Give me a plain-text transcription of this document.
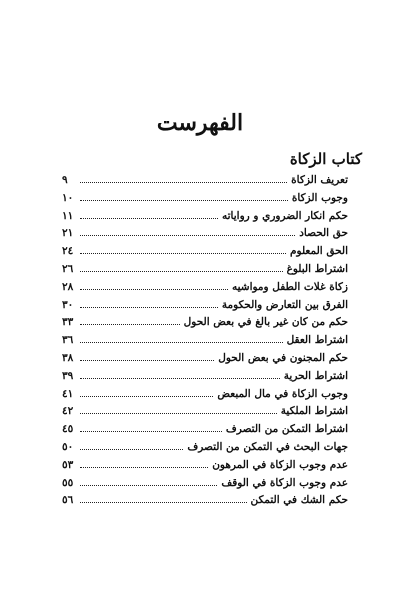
الفهرست
كتاب الزكاة
٩	تعريف الزكاة
١٠	وجوب الزكاة
١١	حكم انكار الضروري و رواياته
٢١	حق الحصاد
٢٤	الحق المعلوم
٢٦	اشتراط البلوغ
٢٨	زكاة غلات الطفل ومواشيه
٣٠	الفرق بين التعارض والحكومة
٣٣	حكم من كان غير بالغ في بعض الحول
٣٦	اشتراط العقل
٣٨	حكم المجنون في بعض الحول
٣٩	اشتراط الحرية
٤١	وجوب الزكاة في مال المبعض
٤٢	اشتراط الملكية
٤٥	اشتراط التمكن من التصرف
٥٠	جهات البحث في التمكن من التصرف
٥٣	عدم وجوب الزكاة في المرهون
٥٥	عدم وجوب الزكاة في الوقف
٥٦	حكم الشك في التمكن
